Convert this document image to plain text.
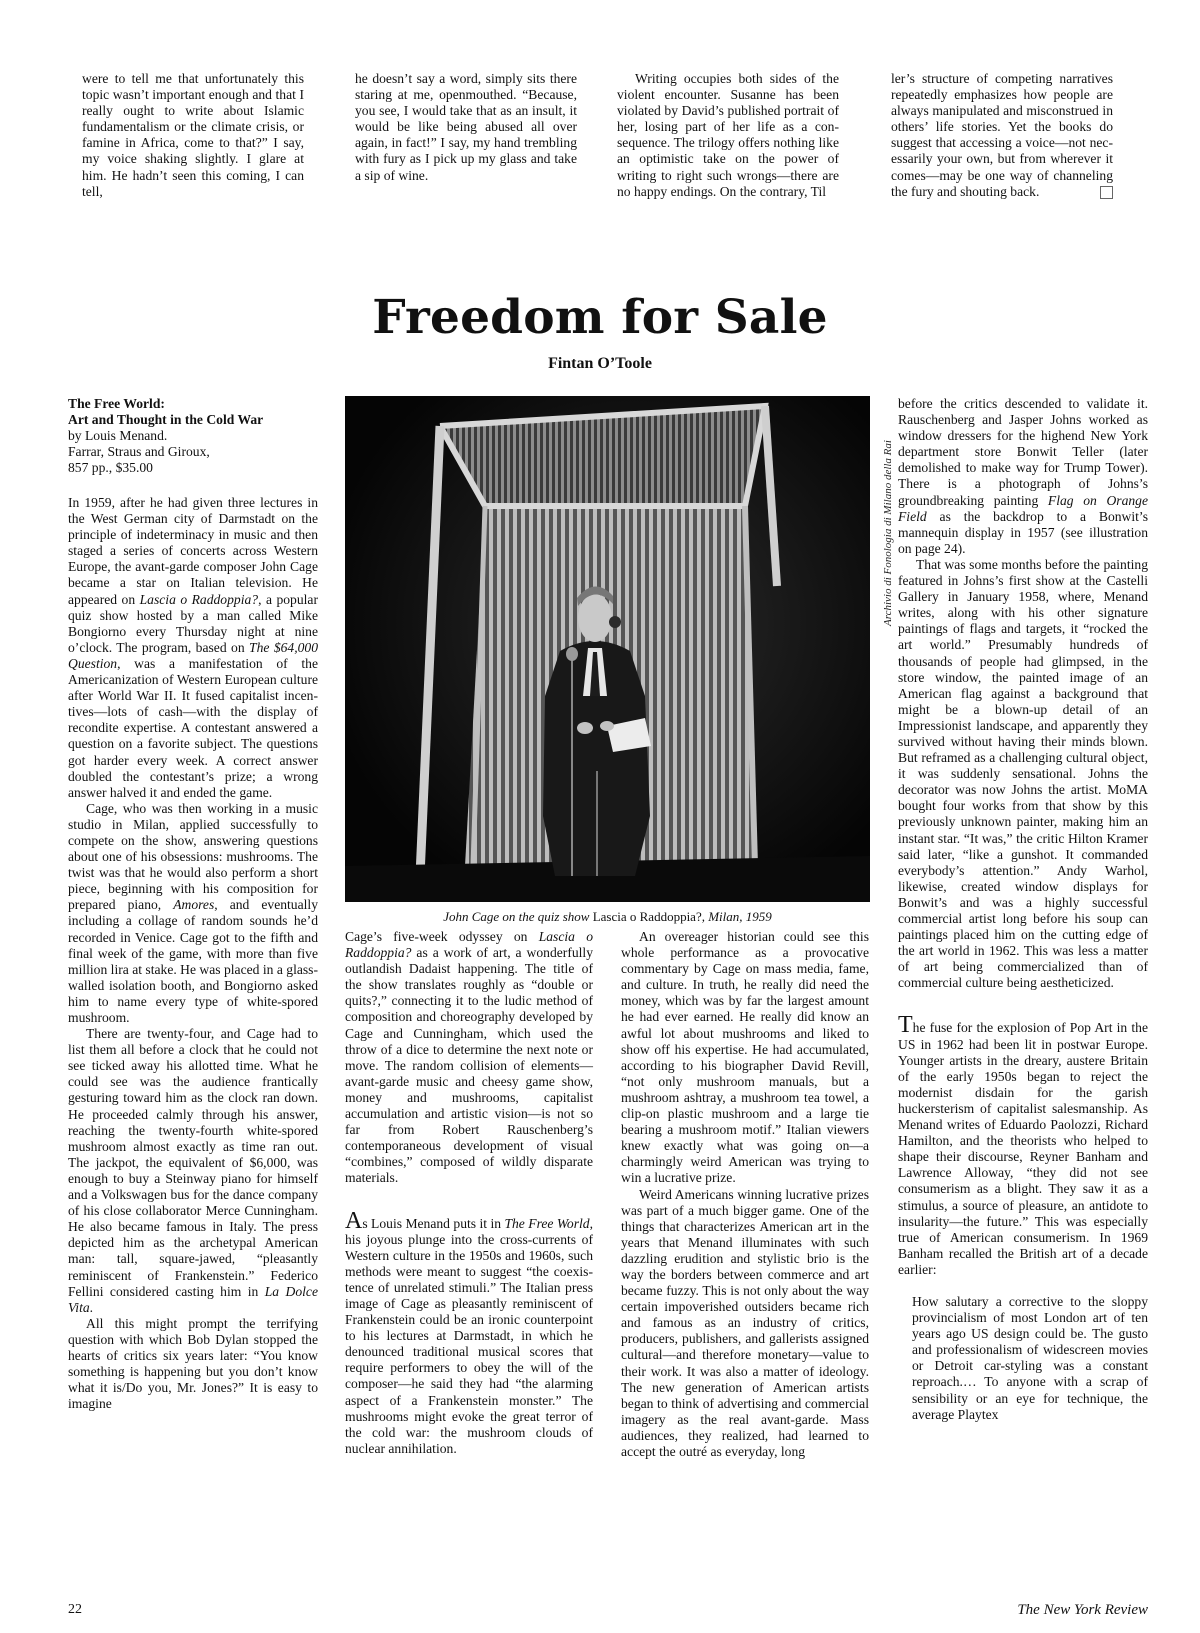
were to tell me that unfortunately this topic wasn’t important enough and that I really ought to write about Islamic fundamentalism or the climate crisis, or famine in Africa, come to that?” I say, my voice shaking slightly. I glare at him. He hadn’t seen this coming, I can tell,

he doesn’t say a word, simply sits there staring at me, openmouthed. “Because, you see, I would take that as an insult, it would be like being abused all over again, in fact!” I say, my hand trembling with fury as I pick up my glass and take a sip of wine.

Writing occupies both sides of the violent encounter. Susanne has been violated by David’s published portrait of her, losing part of her life as a consequence. The trilogy offers nothing like an optimistic take on the power of writing to right such wrongs—there are no happy endings. On the contrary, Til

ler’s structure of competing narratives repeatedly emphasizes how people are always manipulated and misconstrued in others’ life stories. Yet the books do suggest that accessing a voice—not necessarily your own, but from wherever it comes—may be one way of channeling the fury and shouting back.

Freedom for Sale
Fintan O’Toole
The Free World:
Art and Thought in the Cold War
by Louis Menand.
Farrar, Straus and Giroux,
857 pp., $35.00

In 1959, after he had given three lectures in the West German city of Darmstadt on the principle of indeterminacy in music and then staged a series of concerts across Western Europe, the avant-garde composer John Cage became a star on Italian television. He appeared on Lascia o Raddoppia?, a popular quiz show hosted by a man called Mike Bongiorno every Thursday night at nine o’clock. The program, based on The $64,000 Question, was a manifestation of the Americanization of Western European culture after World War II. It fused capitalist incentives—lots of cash—with the display of recondite expertise. A contestant answered a question on a favorite subject. The questions got harder every week. A correct answer doubled the contestant’s prize; a wrong answer halved it and ended the game.

Cage, who was then working in a music studio in Milan, applied successfully to compete on the show, answering questions about one of his obsessions: mushrooms. The twist was that he would also perform a short piece, beginning with his composition for prepared piano, Amores, and eventually including a collage of random sounds he’d recorded in Venice. Cage got to the fifth and final week of the game, with more than five million lira at stake. He was placed in a glass-walled isolation booth, and Bongiorno asked him to name every type of white-spored mushroom.

There are twenty-four, and Cage had to list them all before a clock that he could not see ticked away his allotted time. What he could see was the audience frantically gesturing toward him as the clock ran down. He proceeded calmly through his answer, reaching the twenty-fourth white-spored mushroom almost exactly as time ran out. The jackpot, the equivalent of $6,000, was enough to buy a Steinway piano for himself and a Volkswagen bus for the dance company of his close collaborator Merce Cunningham. He also became famous in Italy. The press depicted him as the archetypal American man: tall, square-jawed, “pleasantly reminiscent of Frankenstein.” Federico Fellini considered casting him in La Dolce Vita.

All this might prompt the terrifying question with which Bob Dylan stopped the hearts of critics six years later: “You know something is happening but you don’t know what it is/Do you, Mr. Jones?” It is easy to imagine

Archivio di Fonologia di Milano della Rai
John Cage on the quiz show Lascia o Raddoppia?, Milan, 1959

Cage’s five-week odyssey on Lascia o Raddoppia? as a work of art, a wonderfully outlandish Dadaist happening. The title of the show translates roughly as “double or quits?,” connecting it to the ludic method of composition and choreography developed by Cage and Cunningham, which used the throw of a dice to determine the next note or move. The random collision of elements—avant-garde music and cheesy game show, money and mushrooms, capitalist accumulation and artistic vision—is not so far from Robert Rauschenberg’s contemporaneous development of visual “combines,” composed of wildly disparate materials.

As Louis Menand puts it in The Free World, his joyous plunge into the cross-currents of Western culture in the 1950s and 1960s, such methods were meant to suggest “the coexistence of unrelated stimuli.” The Italian press image of Cage as pleasantly reminiscent of Frankenstein could be an ironic counterpoint to his lectures at Darmstadt, in which he denounced traditional musical scores that require performers to obey the will of the composer—he said they had “the alarming aspect of a Frankenstein monster.” The mushrooms might evoke the great terror of the cold war: the mushroom clouds of nuclear annihilation.

An overeager historian could see this whole performance as a provocative commentary by Cage on mass media, fame, and culture. In truth, he really did need the money, which was by far the largest amount he had ever earned. He really did know an awful lot about mushrooms and liked to show off his expertise. He had accumulated, according to his biographer David Revill, “not only mushroom manuals, but a mushroom ashtray, a mushroom tea towel, a clip-on plastic mushroom and a large tie bearing a mushroom motif.” Italian viewers knew exactly what was going on—a charmingly weird American was trying to win a lucrative prize.

Weird Americans winning lucrative prizes was part of a much bigger game. One of the things that characterizes American art in the years that Menand illuminates with such dazzling erudition and stylistic brio is the way the borders between commerce and art became fuzzy. This is not only about the way certain impoverished outsiders became rich and famous as an industry of critics, producers, publishers, and gallerists assigned cultural—and therefore monetary—value to their work. It was also a matter of ideology. The new generation of American artists began to think of advertising and commercial imagery as the real avant-garde. Mass audiences, they realized, had learned to accept the outré as everyday, long

before the critics descended to validate it. Rauschenberg and Jasper Johns worked as window dressers for the highend New York department store Bonwit Teller (later demolished to make way for Trump Tower). There is a photograph of Johns’s groundbreaking painting Flag on Orange Field as the backdrop to a Bonwit’s mannequin display in 1957 (see illustration on page 24).

That was some months before the painting featured in Johns’s first show at the Castelli Gallery in January 1958, where, Menand writes, along with his other signature paintings of flags and targets, it “rocked the art world.” Presumably hundreds of thousands of people had glimpsed, in the store window, the painted image of an American flag against a background that might be a blown-up detail of an Impressionist landscape, and apparently they survived without having their minds blown. But reframed as a challenging cultural object, it was suddenly sensational. Johns the decorator was now Johns the artist. MoMA bought four works from that show by this previously unknown painter, making him an instant star. “It was,” the critic Hilton Kramer said later, “like a gunshot. It commanded everybody’s attention.” Andy Warhol, likewise, created window displays for Bonwit’s and was a highly successful commercial artist long before his soup can paintings placed him on the cutting edge of the art world in 1962. This was less a matter of art being commercialized than of commercial culture being aestheticized.

The fuse for the explosion of Pop Art in the US in 1962 had been lit in postwar Europe. Younger artists in the dreary, austere Britain of the early 1950s began to reject the modernist disdain for the garish huckersterism of capitalist salesmanship. As Menand writes of Eduardo Paolozzi, Richard Hamilton, and the theorists who helped to shape their discourse, Reyner Banham and Lawrence Alloway, “they did not see consumerism as a blight. They saw it as a stimulus, a source of pleasure, an antidote to insularity—the future.” This was especially true of American consumerism. In 1969 Banham recalled the British art of a decade earlier:

How salutary a corrective to the sloppy provincialism of most London art of ten years ago US design could be. The gusto and professionalism of widescreen movies or Detroit car-styling was a constant reproach.… To anyone with a scrap of sensibility or an eye for technique, the average Playtex
22	The New York Review
